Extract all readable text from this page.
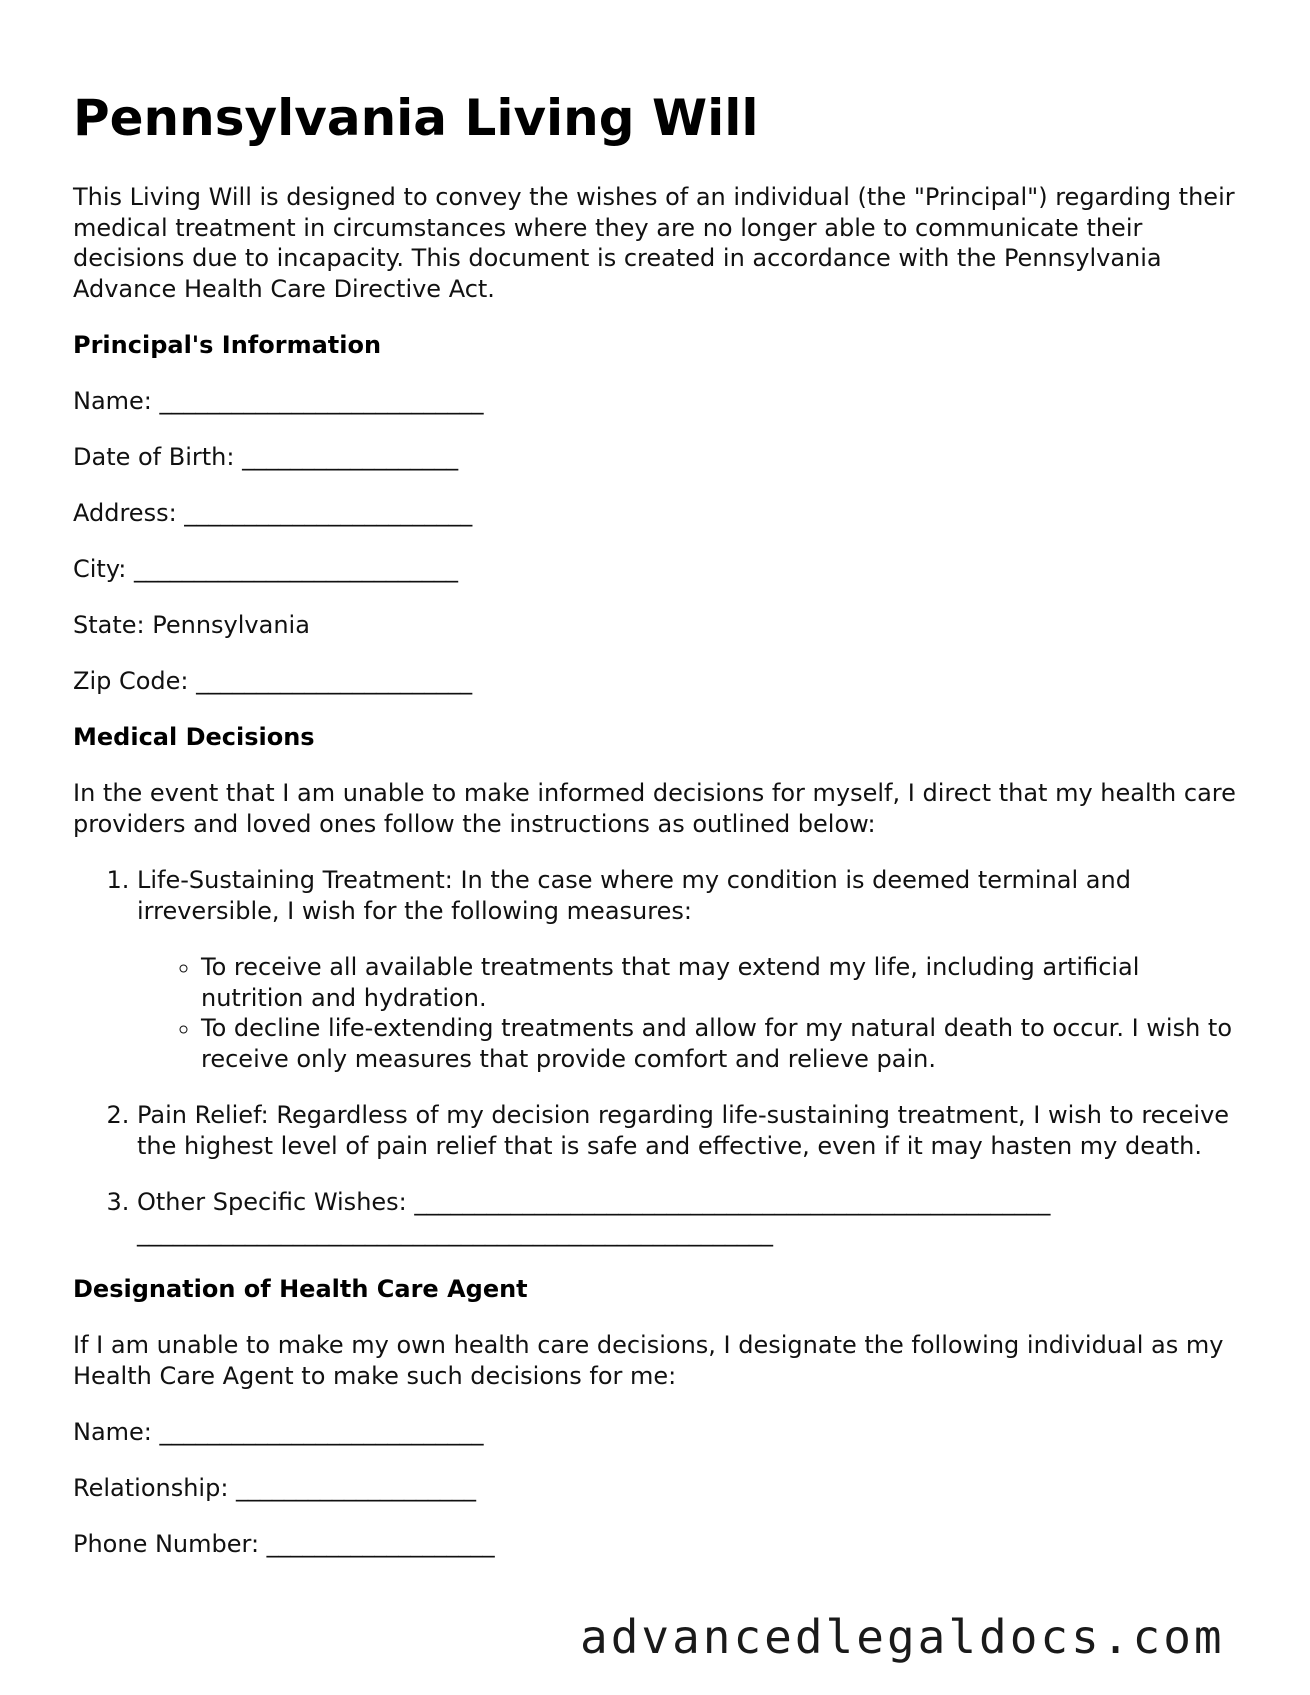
Pennsylvania Living Will

This Living Will is designed to convey the wishes of an individual (the "Principal") regarding their medical treatment in circumstances where they are no longer able to communicate their decisions due to incapacity. This document is created in accordance with the Pennsylvania Advance Health Care Directive Act.

Principal's Information
Name: ___________________________
Date of Birth: __________________
Address: ________________________
City: ___________________________
State: Pennsylvania
Zip Code: _______________________
Medical Decisions

In the event that I am unable to make informed decisions for myself, I direct that my health care providers and loved ones follow the instructions as outlined below:

1. Life-Sustaining Treatment: In the case where my condition is deemed terminal and irreversible, I wish for the following measures:
◦ To receive all available treatments that may extend my life, including artificial nutrition and hydration.
◦ To decline life-extending treatments and allow for my natural death to occur. I wish to receive only measures that provide comfort and relieve pain.
2. Pain Relief: Regardless of my decision regarding life-sustaining treatment, I wish to receive the highest level of pain relief that is safe and effective, even if it may hasten my death.
3. Other Specific Wishes: _____________________________________________________
_____________________________________________________
Designation of Health Care Agent

If I am unable to make my own health care decisions, I designate the following individual as my Health Care Agent to make such decisions for me:

Name: ___________________________
Relationship: ____________________
Phone Number: ___________________
advancedlegaldocs.com
